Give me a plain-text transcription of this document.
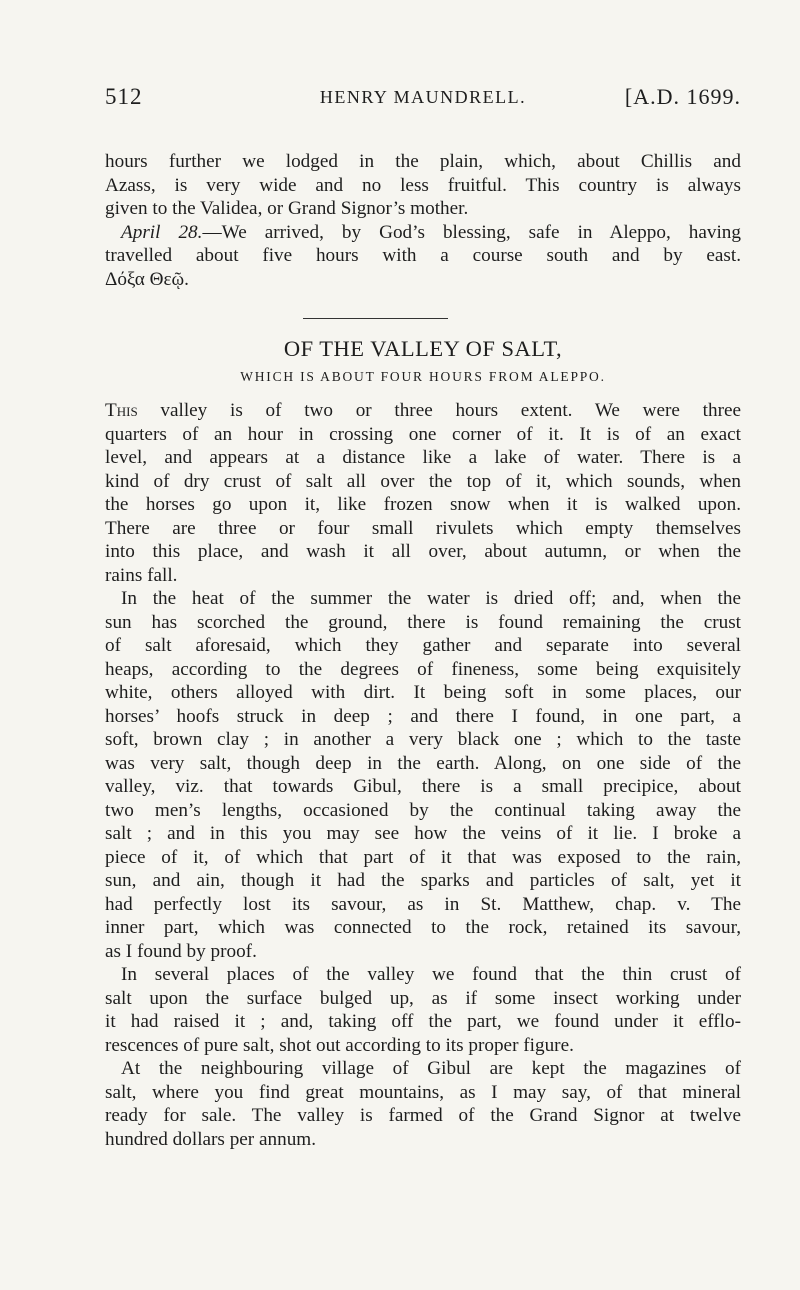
512	HENRY MAUNDRELL.	[A.D. 1699.
hours further we lodged in the plain, which, about Chillis and
Azass, is very wide and no less fruitful. This country is always
given to the Validea, or Grand Signor’s mother.
April 28.—We arrived, by God’s blessing, safe in Aleppo, having
travelled about five hours with a course south and by east.
Δόξα Θεῷ.
OF THE VALLEY OF SALT,
WHICH IS ABOUT FOUR HOURS FROM ALEPPO.
This valley is of two or three hours extent. We were three
quarters of an hour in crossing one corner of it. It is of an exact
level, and appears at a distance like a lake of water. There is a
kind of dry crust of salt all over the top of it, which sounds, when
the horses go upon it, like frozen snow when it is walked upon.
There are three or four small rivulets which empty themselves
into this place, and wash it all over, about autumn, or when the
rains fall.
In the heat of the summer the water is dried off; and, when the
sun has scorched the ground, there is found remaining the crust
of salt aforesaid, which they gather and separate into several
heaps, according to the degrees of fineness, some being exquisitely
white, others alloyed with dirt. It being soft in some places, our
horses’ hoofs struck in deep ; and there I found, in one part, a
soft, brown clay ; in another a very black one ; which to the taste
was very salt, though deep in the earth. Along, on one side of the
valley, viz. that towards Gibul, there is a small precipice, about
two men’s lengths, occasioned by the continual taking away the
salt ; and in this you may see how the veins of it lie. I broke a
piece of it, of which that part of it that was exposed to the rain,
sun, and ain, though it had the sparks and particles of salt, yet it
had perfectly lost its savour, as in St. Matthew, chap. v. The
inner part, which was connected to the rock, retained its savour,
as I found by proof.
In several places of the valley we found that the thin crust of
salt upon the surface bulged up, as if some insect working under
it had raised it ; and, taking off the part, we found under it efflo-
rescences of pure salt, shot out according to its proper figure.
At the neighbouring village of Gibul are kept the magazines of
salt, where you find great mountains, as I may say, of that mineral
ready for sale. The valley is farmed of the Grand Signor at twelve
hundred dollars per annum.
